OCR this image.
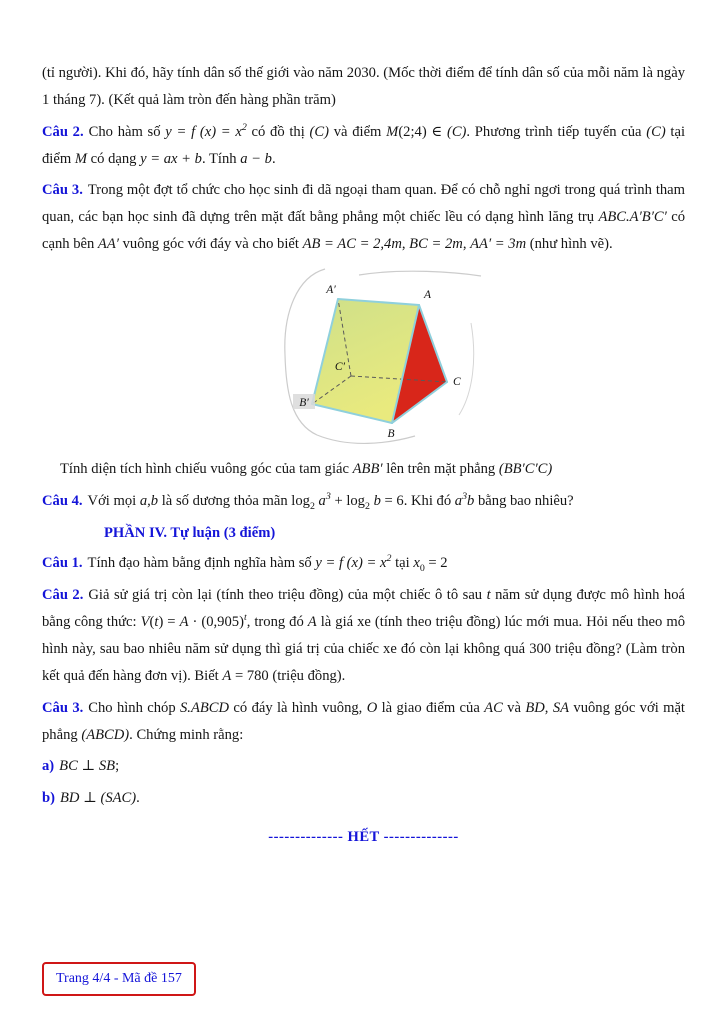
(tỉ người). Khi đó, hãy tính dân số thế giới vào năm 2030. (Mốc thời điểm để tính dân số của mỗi năm là ngày 1 tháng 7). (Kết quả làm tròn đến hàng phần trăm)

Câu 2. Cho hàm số y = f $(x) = x^2$ có đồ thị (C) và điểm M(2;4) ∈ (C). Phương trình tiếp tuyến của (C) tại điểm M có dạng y = ax + b. Tính a − b.

Câu 3. Trong một đợt tổ chức cho học sinh đi dã ngoại tham quan. Để có chỗ nghỉ ngơi trong quá trình tham quan, các bạn học sinh đã dựng trên mặt đất bằng phẳng một chiếc lều có dạng hình lăng trụ ABC.A′B′C′ có cạnh bên AA′ vuông góc với đáy và cho biết AB = AC = 2,4m, BC = 2m, AA′ = 3m (như hình vẽ).

A′	A
C′
C
B′
B

Tính diện tích hình chiếu vuông góc của tam giác ABB′ lên trên mặt phẳng (BB′C′C)

Câu 4. Với mọi a,b là số dương thỏa mãn $\log_2 a^3 + \log_2 b = 6$. Khi đó $a^3b$ bằng bao nhiêu?

PHẦN IV. Tự luận (3 điểm)

Câu 1. Tính đạo hàm bằng định nghĩa hàm số y = f $(x) = x^2$ tại $x_0 = 2$

Câu 2. Giả sử giá trị còn lại (tính theo triệu đồng) của một chiếc ô tô sau t năm sử dụng được mô hình hoá bằng công thức: $V(t) = A \cdot (0,905)^t$, trong đó A là giá xe (tính theo triệu đồng) lúc mới mua. Hỏi nếu theo mô hình này, sau bao nhiêu năm sử dụng thì giá trị của chiếc xe đó còn lại không quá 300 triệu đồng? (Làm tròn kết quả đến hàng đơn vị). Biết A = 780 (triệu đồng).

Câu 3. Cho hình chóp S.ABCD có đáy là hình vuông, O là giao điểm của AC và BD, SA vuông góc với mặt phẳng (ABCD). Chứng minh rằng:

a) BC ⊥ SB;

b) BD ⊥ (SAC).

-------------- HẾT --------------

Trang 4/4 - Mã đề 157
